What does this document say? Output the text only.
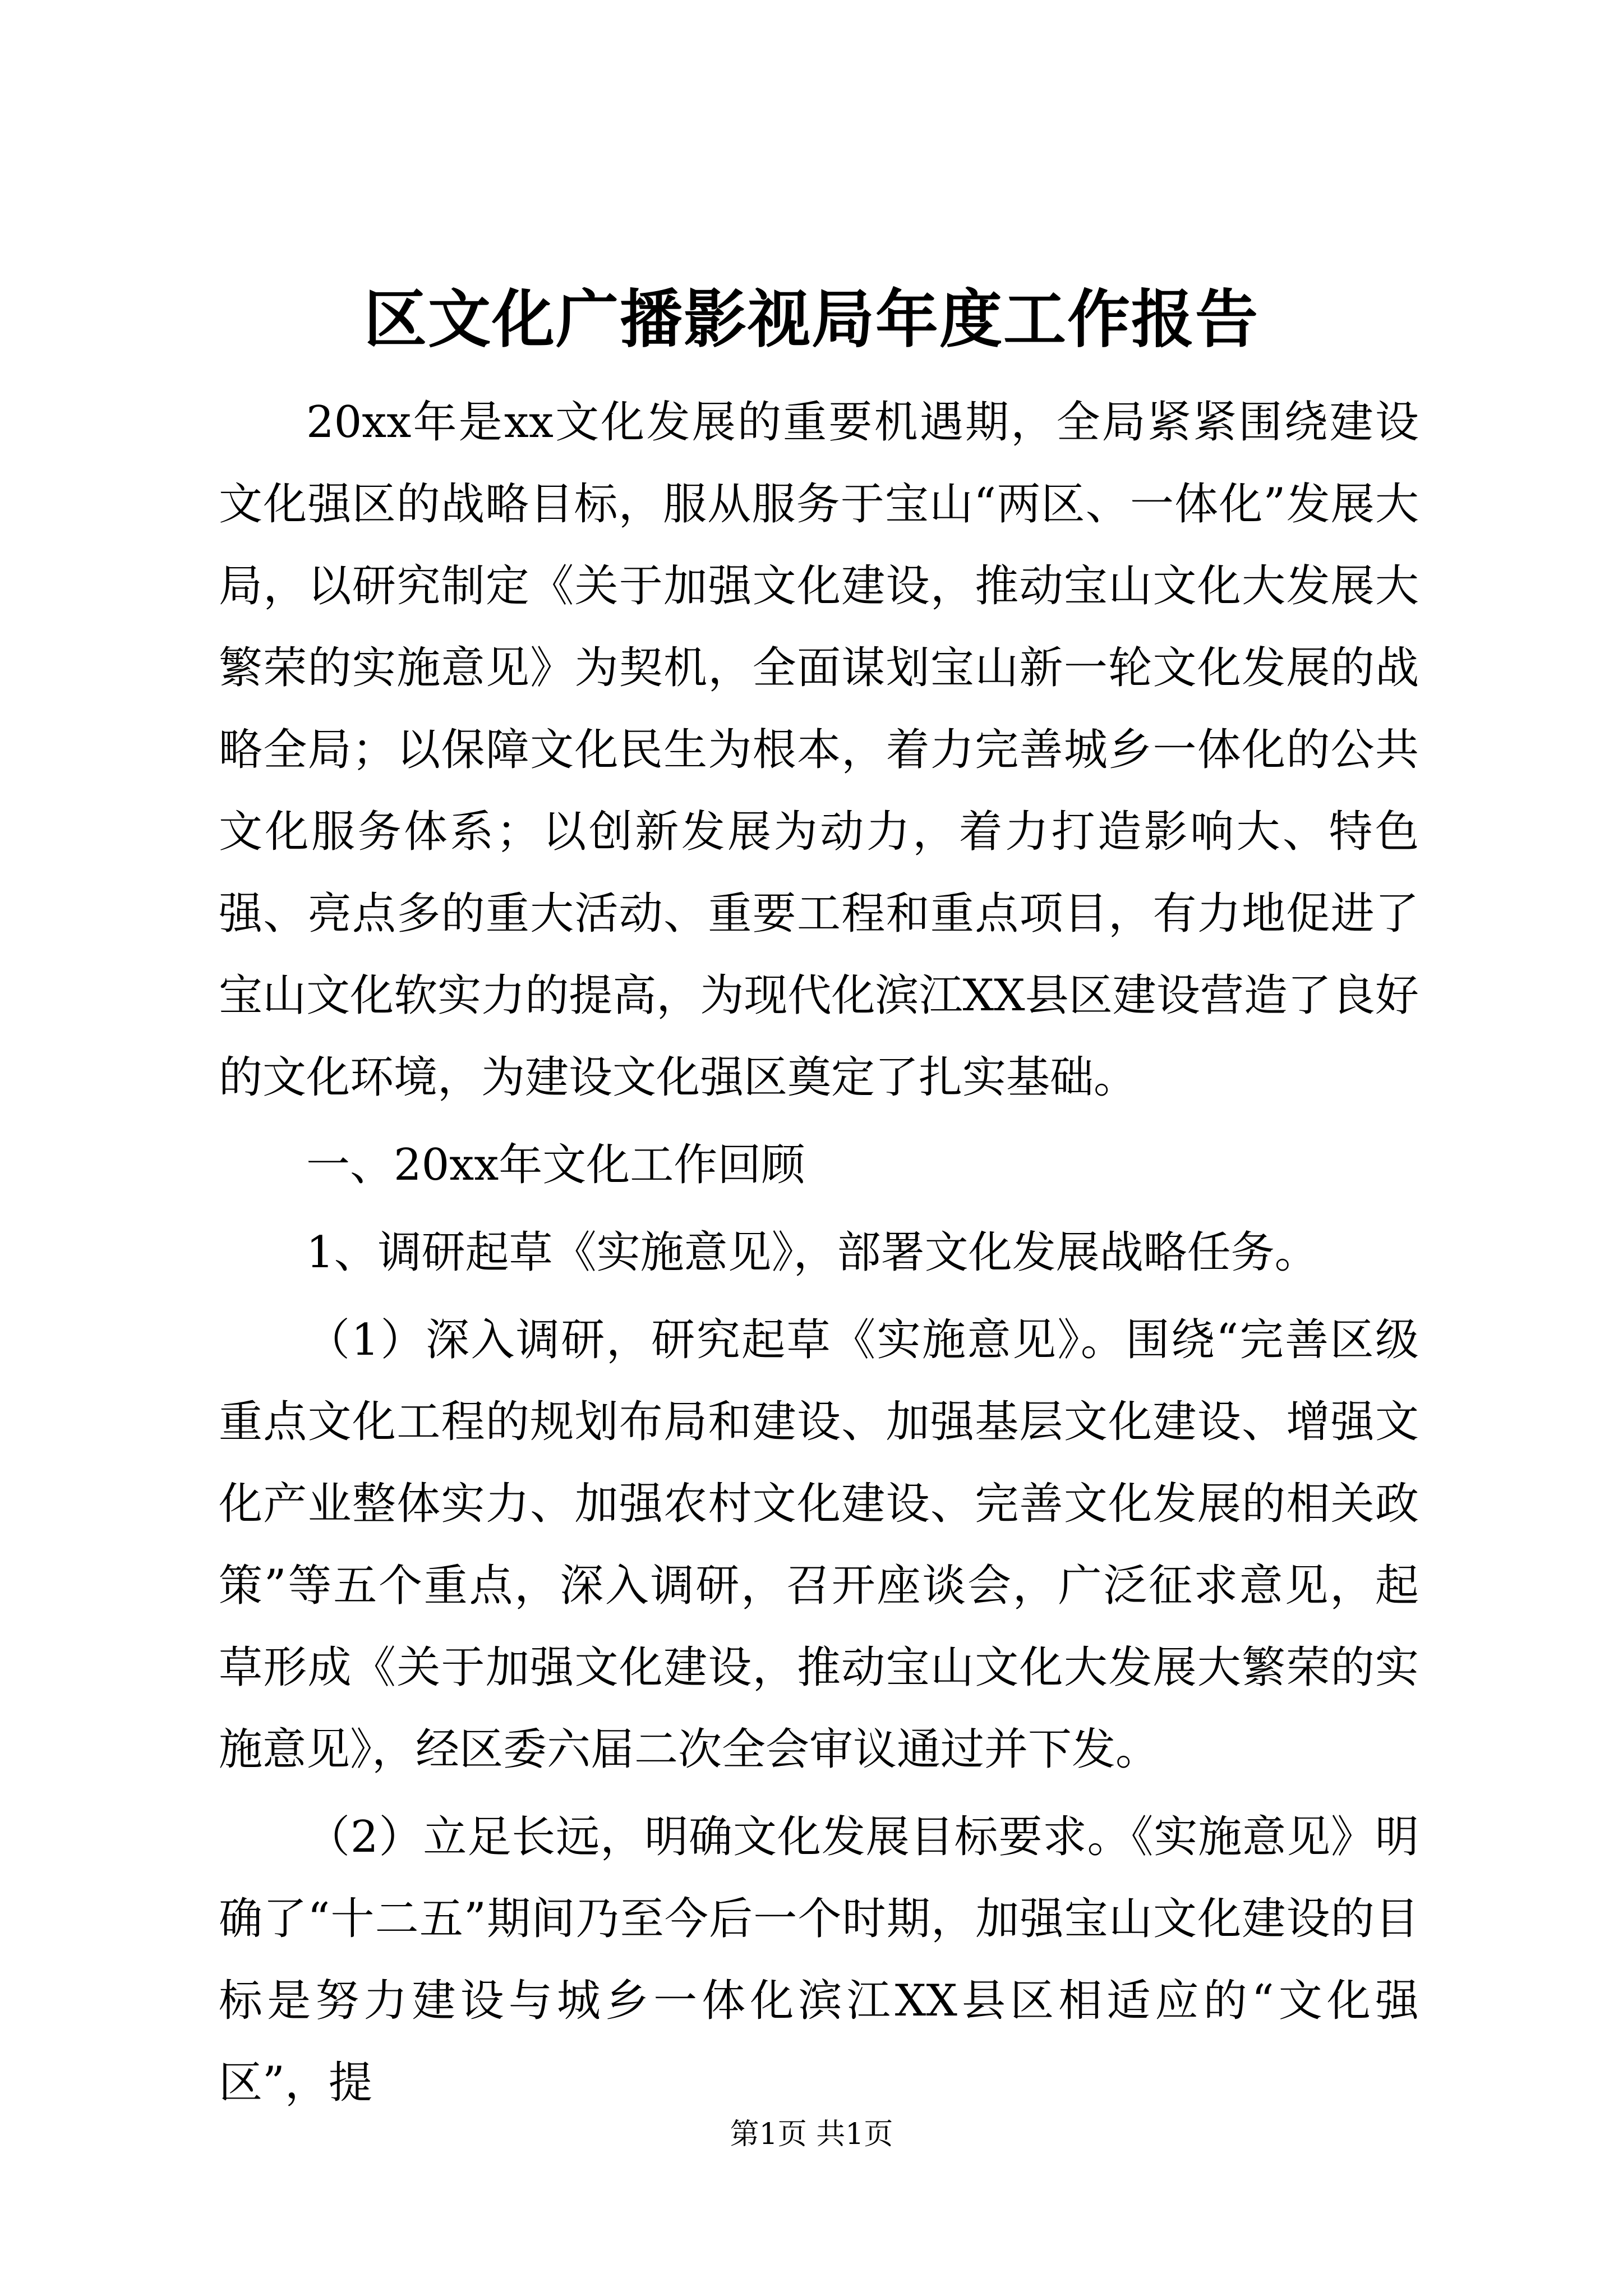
区文化广播影视局年度工作报告

20xx年是xx文化发展的重要机遇期，全局紧紧围绕建设文化强区的战略目标，服从服务于宝山“两区、一体化”发展大局，以研究制定《关于加强文化建设，推动宝山文化大发展大繁荣的实施意见》为契机，全面谋划宝山新一轮文化发展的战略全局；以保障文化民生为根本，着力完善城乡一体化的公共文化服务体系；以创新发展为动力，着力打造影响大、特色强、亮点多的重大活动、重要工程和重点项目，有力地促进了宝山文化软实力的提高，为现代化滨江XX县区建设营造了良好的文化环境，为建设文化强区奠定了扎实基础。

一、20xx年文化工作回顾

1、调研起草《实施意见》，部署文化发展战略任务。

（1）深入调研，研究起草《实施意见》。围绕“完善区级重点文化工程的规划布局和建设、加强基层文化建设、增强文化产业整体实力、加强农村文化建设、完善文化发展的相关政策”等五个重点，深入调研，召开座谈会，广泛征求意见，起草形成《关于加强文化建设，推动宝山文化大发展大繁荣的实施意见》，经区委六届二次全会审议通过并下发。

（2）立足长远，明确文化发展目标要求。《实施意见》明确了“十二五”期间乃至今后一个时期，加强宝山文化建设的目标是努力建设与城乡一体化滨江XX县区相适应的“文化强区”，提

第1页 共1页
